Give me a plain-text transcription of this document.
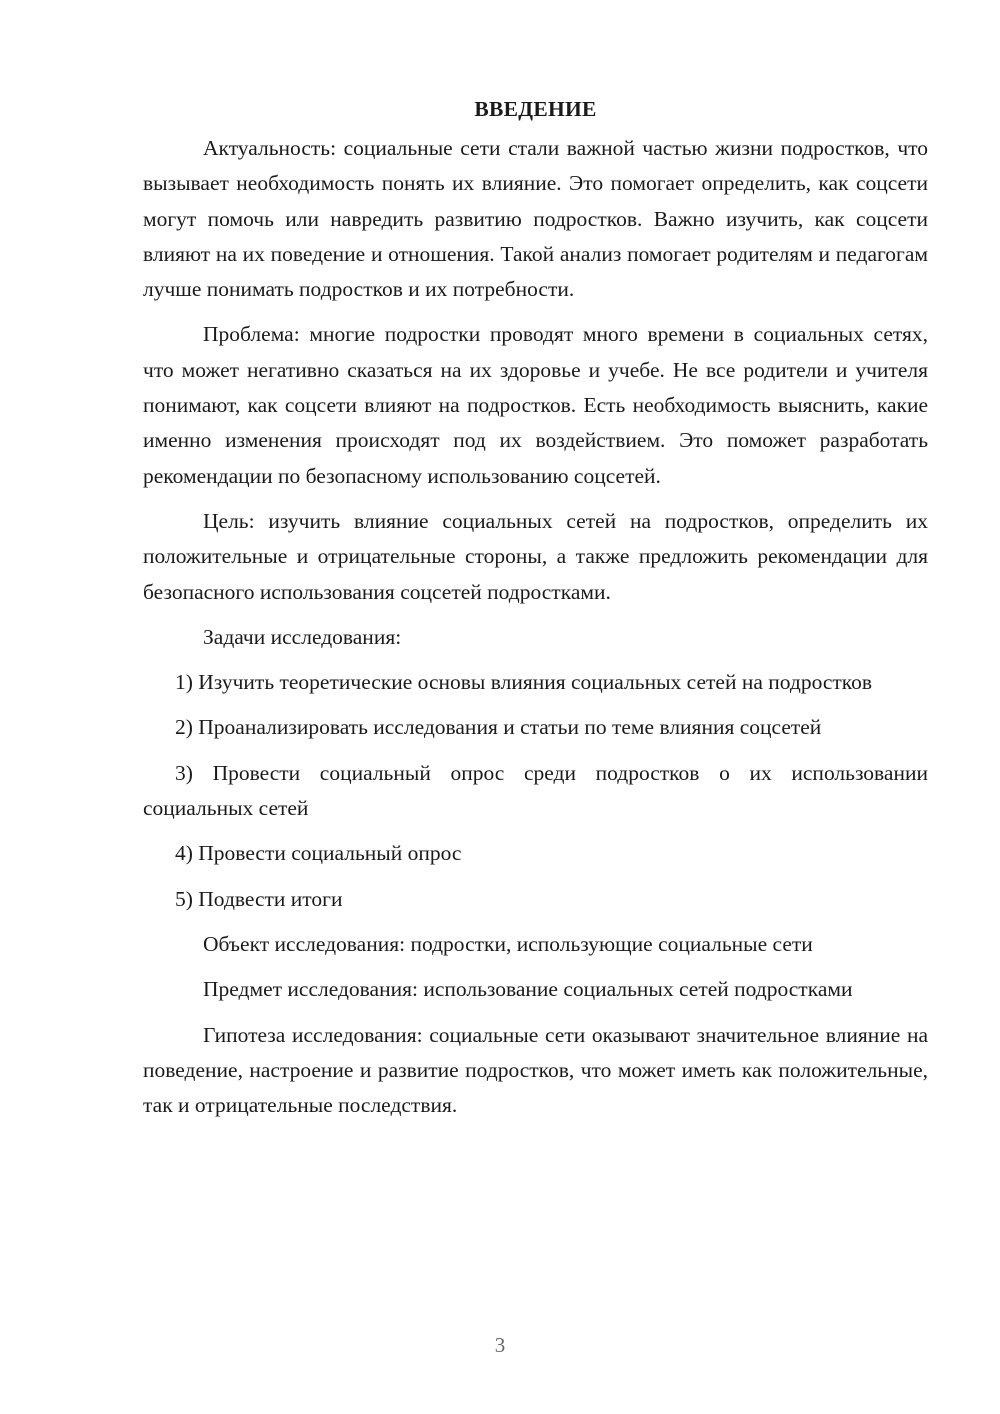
ВВЕДЕНИЕ

Актуальность: социальные сети стали важной частью жизни подростков, что вызывает необходимость понять их влияние. Это помогает определить, как соцсети могут помочь или навредить развитию подростков. Важно изучить, как соцсети влияют на их поведение и отношения. Такой анализ помогает родителям и педагогам лучше понимать подростков и их потребности.

Проблема: многие подростки проводят много времени в социальных сетях, что может негативно сказаться на их здоровье и учебе. Не все родители и учителя понимают, как соцсети влияют на подростков. Есть необходимость выяснить, какие именно изменения происходят под их воздействием. Это поможет разработать рекомендации по безопасному использованию соцсетей.

Цель: изучить влияние социальных сетей на подростков, определить их положительные и отрицательные стороны, а также предложить рекомендации для безопасного использования соцсетей подростками.

Задачи исследования:

1) Изучить теоретические основы влияния социальных сетей на подростков

2) Проанализировать исследования и статьи по теме влияния соцсетей

3) Провести социальный опрос среди подростков о их использовании социальных сетей

4) Провести социальный опрос

5) Подвести итоги

Объект исследования: подростки, использующие социальные сети

Предмет исследования: использование социальных сетей подростками

Гипотеза исследования: социальные сети оказывают значительное влияние на поведение, настроение и развитие подростков, что может иметь как положительные, так и отрицательные последствия.

3
